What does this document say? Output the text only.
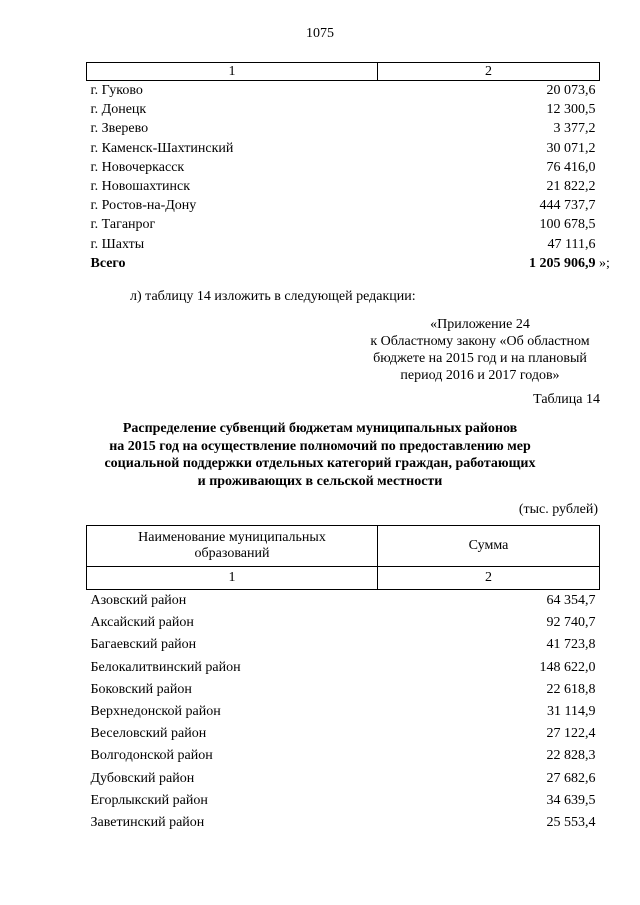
1075
1	2
г. Гуково	20 073,6
г. Донецк	12 300,5
г. Зверево	3 377,2
г. Каменск-Шахтинский	30 071,2
г. Новочеркасск	76 416,0
г. Новошахтинск	21 822,2
г. Ростов-на-Дону	444 737,7
г. Таганрог	100 678,5
г. Шахты	47 111,6
Всего	1 205 906,9 »;
л) таблицу 14 изложить в следующей редакции:
«Приложение 24
к Областному закону «Об областном
бюджете на 2015 год и на плановый
период 2016 и 2017 годов»
Таблица 14
Распределение субвенций бюджетам муниципальных районов
на 2015 год на осуществление полномочий по предоставлению мер
социальной поддержки отдельных категорий граждан, работающих
и проживающих в сельской местности
(тыс. рублей)
Наименование муниципальных
образований	Сумма
1	2
Азовский район	64 354,7
Аксайский район	92 740,7
Багаевский район	41 723,8
Белокалитвинский район	148 622,0
Боковский район	22 618,8
Верхнедонской район	31 114,9
Веселовский район	27 122,4
Волгодонской район	22 828,3
Дубовский район	27 682,6
Егорлыкский район	34 639,5
Заветинский район	25 553,4
